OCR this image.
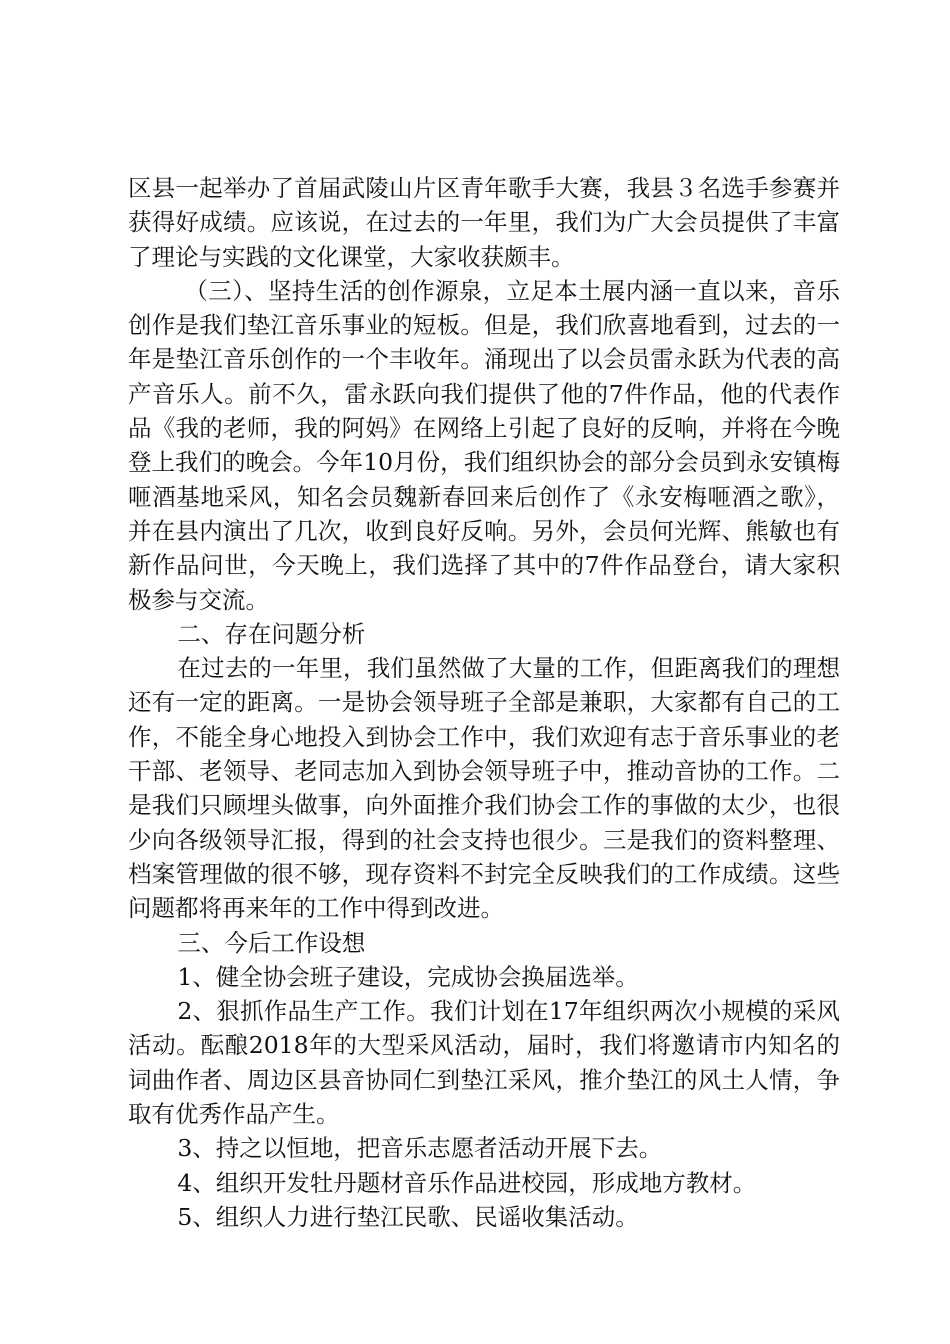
区县一起举办了首届武陵山片区青年歌手大赛，我县３名选手参赛并获得好成绩。应该说，在过去的一年里，我们为广大会员提供了丰富了理论与实践的文化课堂，大家收获颇丰。

（三）、坚持生活的创作源泉，立足本土展内涵一直以来，音乐创作是我们垫江音乐事业的短板。但是，我们欣喜地看到，过去的一年是垫江音乐创作的一个丰收年。涌现出了以会员雷永跃为代表的高产音乐人。前不久，雷永跃向我们提供了他的7件作品，他的代表作品《我的老师，我的阿妈》在网络上引起了良好的反响，并将在今晚登上我们的晚会。今年10月份，我们组织协会的部分会员到永安镇梅咂酒基地采风，知名会员魏新春回来后创作了《永安梅咂酒之歌》，并在县内演出了几次，收到良好反响。另外，会员何光辉、熊敏也有新作品问世，今天晚上，我们选择了其中的7件作品登台，请大家积极参与交流。

二、存在问题分析

在过去的一年里，我们虽然做了大量的工作，但距离我们的理想还有一定的距离。一是协会领导班子全部是兼职，大家都有自己的工作，不能全身心地投入到协会工作中，我们欢迎有志于音乐事业的老干部、老领导、老同志加入到协会领导班子中，推动音协的工作。二是我们只顾埋头做事，向外面推介我们协会工作的事做的太少，也很少向各级领导汇报，得到的社会支持也很少。三是我们的资料整理、档案管理做的很不够，现存资料不封完全反映我们的工作成绩。这些问题都将再来年的工作中得到改进。

三、今后工作设想

1、健全协会班子建设，完成协会换届选举。

2、狠抓作品生产工作。我们计划在17年组织两次小规模的采风活动。酝酿2018年的大型采风活动，届时，我们将邀请市内知名的词曲作者、周边区县音协同仁到垫江采风，推介垫江的风土人情，争取有优秀作品产生。

3、持之以恒地，把音乐志愿者活动开展下去。

4、组织开发牡丹题材音乐作品进校园，形成地方教材。

5、组织人力进行垫江民歌、民谣收集活动。
